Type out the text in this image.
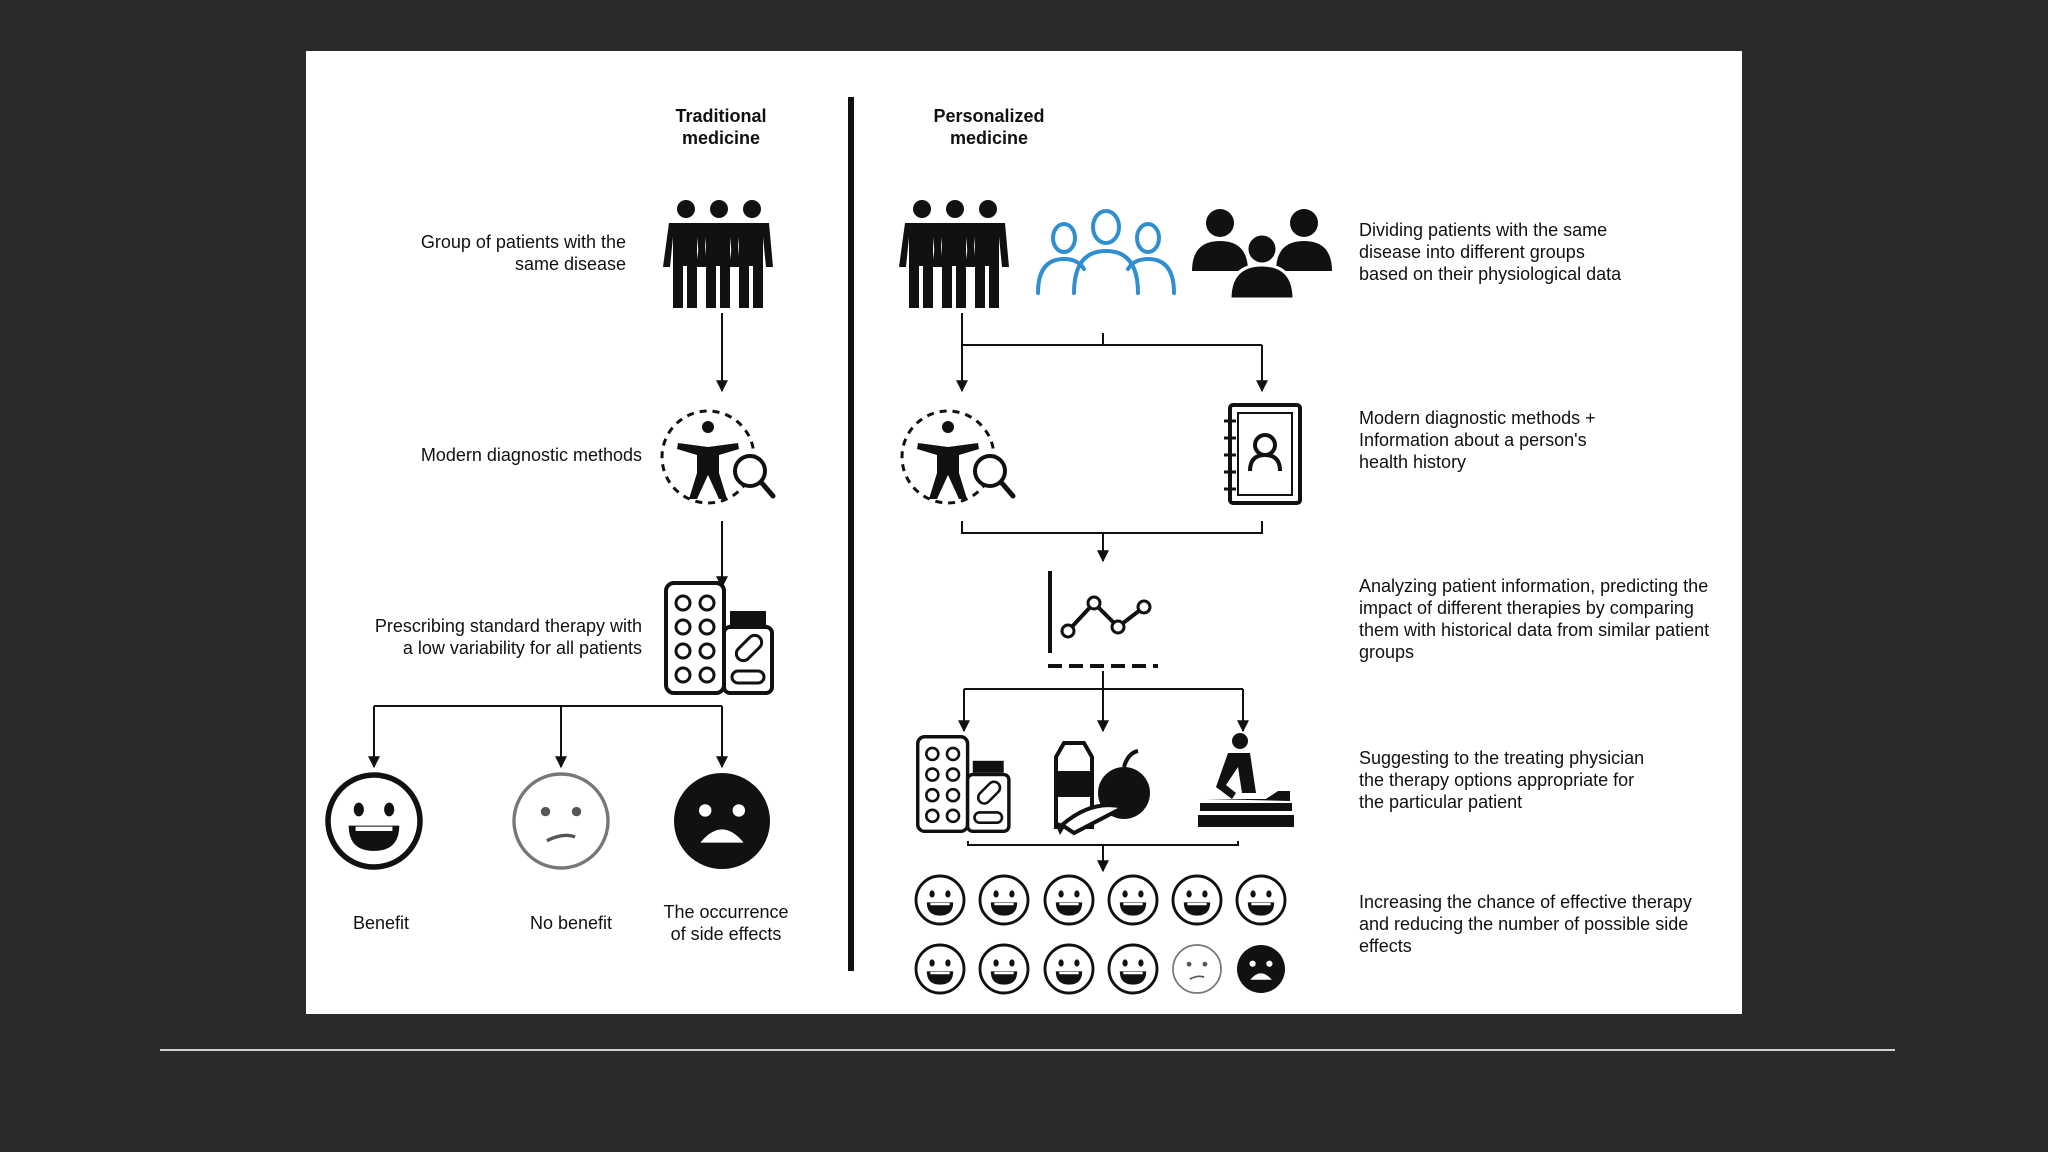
Traditional
medicine
Group of patients with the
same disease
Modern diagnostic methods
Prescribing standard therapy with
a low variability for all patients
Benefit	No benefit
The occurrence
of side effects
Personalized
medicine
Dividing patients with the same
disease into different groups
based on their physiological data
Modern diagnostic methods +
Information about a person's
health history
Analyzing patient information, predicting the
impact of different therapies by comparing
them with historical data from similar patient
groups
Suggesting to the treating physician
the therapy options appropriate for
the particular patient
Increasing the chance of effective therapy
and reducing the number of possible side
effects
